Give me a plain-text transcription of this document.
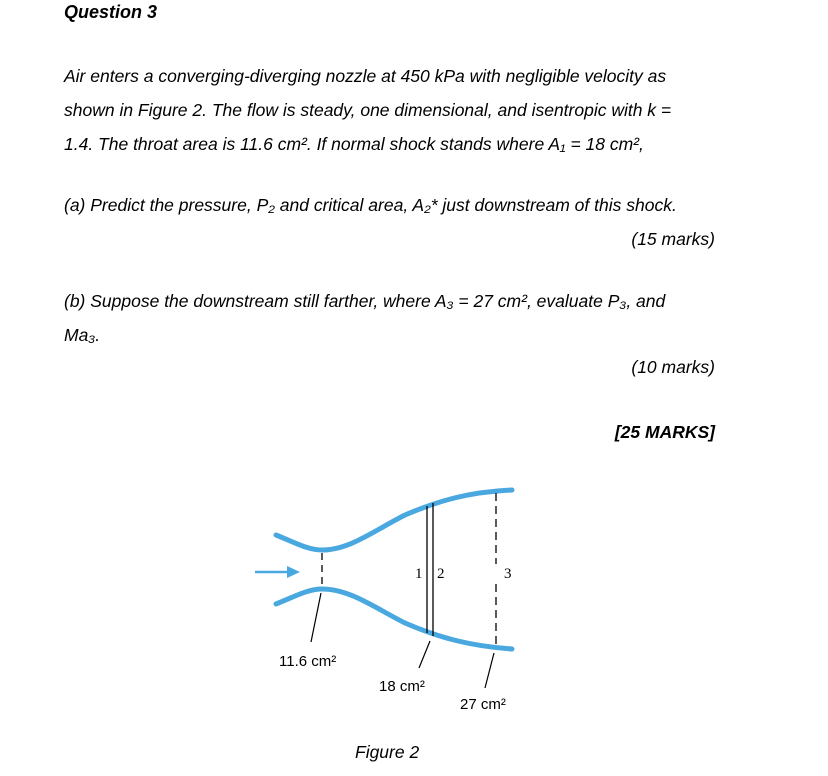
Question 3
Air enters a converging-diverging nozzle at 450 kPa with negligible velocity as
shown in Figure 2. The flow is steady, one dimensional, and isentropic with k =
1.4. The throat area is 11.6 cm². If normal shock stands where A₁ = 18 cm²,
(a) Predict the pressure, P₂ and critical area, A₂* just downstream of this shock.
(15 marks)
(b) Suppose the downstream still farther, where A₃ = 27 cm², evaluate P₃, and
Ma₃.
(10 marks)
[25 MARKS]
1 2	3
11.6 cm²
18 cm²
27 cm²
Figure 2
